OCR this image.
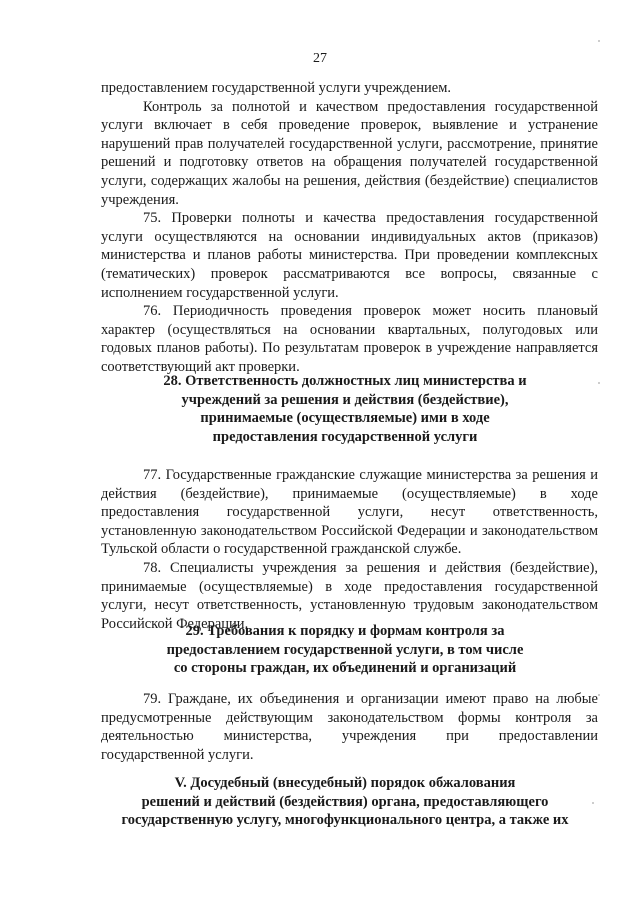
27

предоставлением государственной услуги учреждением.

Контроль за полнотой и качеством предоставления государственной услуги включает в себя проведение проверок, выявление и устранение нарушений прав получателей государственной услуги, рассмотрение, принятие решений и подготовку ответов на обращения получателей государственной услуги, содержащих жалобы на решения, действия (бездействие) специалистов учреждения.

75. Проверки полноты и качества предоставления государственной услуги осуществляются на основании индивидуальных актов (приказов) министерства и планов работы министерства. При проведении комплексных (тематических) проверок рассматриваются все вопросы, связанные с исполнением государственной услуги.

76. Периодичность проведения проверок может носить плановый характер (осуществляться на основании квартальных, полугодовых или годовых планов работы). По результатам проверок в учреждение направляется соответствующий акт проверки.

28. Ответственность должностных лиц министерства и
учреждений за решения и действия (бездействие),
принимаемые (осуществляемые) ими в ходе
предоставления государственной услуги

77. Государственные гражданские служащие министерства за решения и действия (бездействие), принимаемые (осуществляемые) в ходе предоставления государственной услуги, несут ответственность, установленную законодательством Российской Федерации и законодательством Тульской области о государственной гражданской службе.

78. Специалисты учреждения за решения и действия (бездействие), принимаемые (осуществляемые) в ходе предоставления государственной услуги, несут ответственность, установленную трудовым законодательством Российской Федерации.

29. Требования к порядку и формам контроля за
предоставлением государственной услуги, в том числе
со стороны граждан, их объединений и организаций

79. Граждане, их объединения и организации имеют право на любые предусмотренные действующим законодательством формы контроля за деятельностью министерства, учреждения при предоставлении государственной услуги.

V. Досудебный (внесудебный) порядок обжалования
решений и действий (бездействия) органа, предоставляющего
государственную услугу, многофункционального центра, а также их
